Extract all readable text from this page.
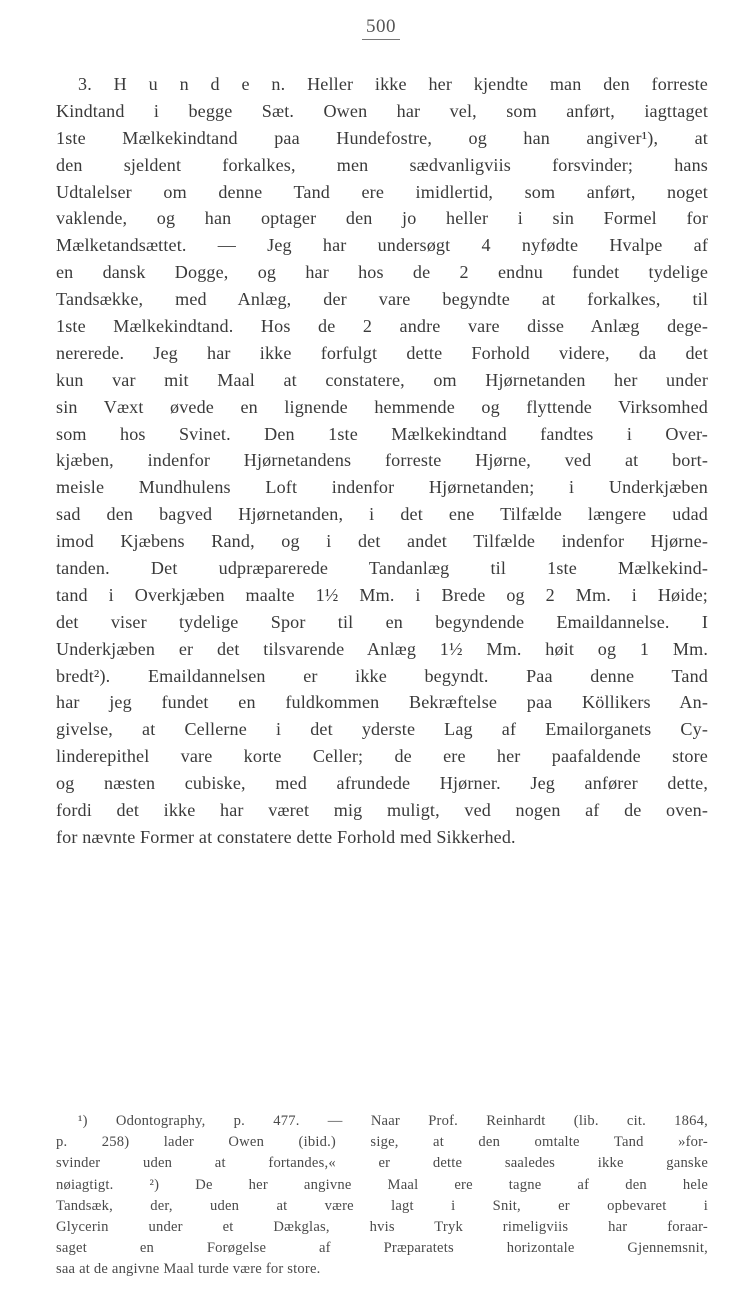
500
3. H u n d e n. Heller ikke her kjendte man den forreste
Kindtand i begge Sæt. Owen har vel, som anført, iagttaget
1ste Mælkekindtand paa Hundefostre, og han angiver¹), at
den sjeldent forkalkes, men sædvanligviis forsvinder; hans
Udtalelser om denne Tand ere imidlertid, som anført, noget
vaklende, og han optager den jo heller i sin Formel for
Mælketandsættet. — Jeg har undersøgt 4 nyfødte Hvalpe af
en dansk Dogge, og har hos de 2 endnu fundet tydelige
Tandsække, med Anlæg, der vare begyndte at forkalkes, til
1ste Mælkekindtand. Hos de 2 andre vare disse Anlæg dege-
nererede. Jeg har ikke forfulgt dette Forhold videre, da det
kun var mit Maal at constatere, om Hjørnetanden her under
sin Væxt øvede en lignende hemmende og flyttende Virksomhed
som hos Svinet. Den 1ste Mælkekindtand fandtes i Over-
kjæben, indenfor Hjørnetandens forreste Hjørne, ved at bort-
meisle Mundhulens Loft indenfor Hjørnetanden; i Underkjæben
sad den bagved Hjørnetanden, i det ene Tilfælde længere udad
imod Kjæbens Rand, og i det andet Tilfælde indenfor Hjørne-
tanden. Det udpræparerede Tandanlæg til 1ste Mælkekind-
tand i Overkjæben maalte 1½ Mm. i Brede og 2 Mm. i Høide;
det viser tydelige Spor til en begyndende Emaildannelse. I
Underkjæben er det tilsvarende Anlæg 1½ Mm. høit og 1 Mm.
bredt²). Emaildannelsen er ikke begyndt. Paa denne Tand
har jeg fundet en fuldkommen Bekræftelse paa Köllikers An-
givelse, at Cellerne i det yderste Lag af Emailorganets Cy-
linderepithel vare korte Celler; de ere her paafaldende store
og næsten cubiske, med afrundede Hjørner. Jeg anfører dette,
fordi det ikke har været mig muligt, ved nogen af de oven-
for nævnte Former at constatere dette Forhold med Sikkerhed.
¹) Odontography, p. 477. — Naar Prof. Reinhardt (lib. cit. 1864,
p. 258) lader Owen (ibid.) sige, at den omtalte Tand »for-
svinder uden at fortandes,« er dette saaledes ikke ganske
nøiagtigt. ²) De her angivne Maal ere tagne af den hele
Tandsæk, der, uden at være lagt i Snit, er opbevaret i
Glycerin under et Dækglas, hvis Tryk rimeligviis har foraar-
saget en Forøgelse af Præparatets horizontale Gjennemsnit,
saa at de angivne Maal turde være for store.
